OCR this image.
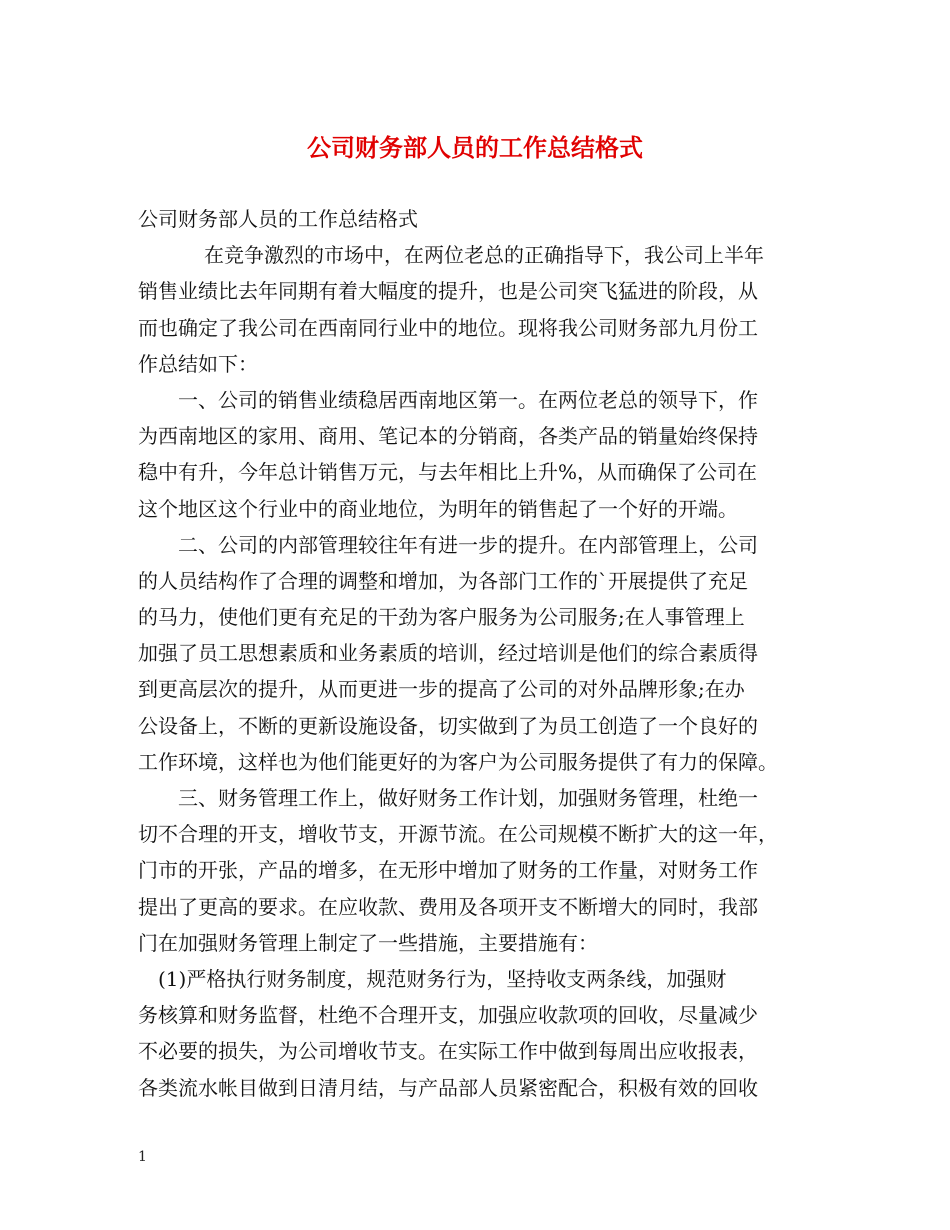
公司财务部人员的工作总结格式
公司财务部人员的工作总结格式
在竞争激烈的市场中，在两位老总的正确指导下，我公司上半年
销售业绩比去年同期有着大幅度的提升，也是公司突飞猛进的阶段，从
而也确定了我公司在西南同行业中的地位。现将我公司财务部九月份工
作总结如下：
一、公司的销售业绩稳居西南地区第一。在两位老总的领导下，作
为西南地区的家用、商用、笔记本的分销商，各类产品的销量始终保持
稳中有升，今年总计销售万元，与去年相比上升%，从而确保了公司在
这个地区这个行业中的商业地位，为明年的销售起了一个好的开端。
二、公司的内部管理较往年有进一步的提升。在内部管理上，公司
的人员结构作了合理的调整和增加，为各部门工作的`开展提供了充足
的马力，使他们更有充足的干劲为客户服务为公司服务;在人事管理上
加强了员工思想素质和业务素质的培训，经过培训是他们的综合素质得
到更高层次的提升，从而更进一步的提高了公司的对外品牌形象;在办
公设备上，不断的更新设施设备，切实做到了为员工创造了一个良好的
工作环境，这样也为他们能更好的为客户为公司服务提供了有力的保障。
三、财务管理工作上，做好财务工作计划，加强财务管理，杜绝一
切不合理的开支，增收节支，开源节流。在公司规模不断扩大的这一年，
门市的开张，产品的增多，在无形中增加了财务的工作量，对财务工作
提出了更高的要求。在应收款、费用及各项开支不断增大的同时，我部
门在加强财务管理上制定了一些措施，主要措施有：
(1)严格执行财务制度，规范财务行为，坚持收支两条线，加强财
务核算和财务监督，杜绝不合理开支，加强应收款项的回收，尽量减少
不必要的损失，为公司增收节支。在实际工作中做到每周出应收报表，
各类流水帐目做到日清月结，与产品部人员紧密配合，积极有效的回收
1
